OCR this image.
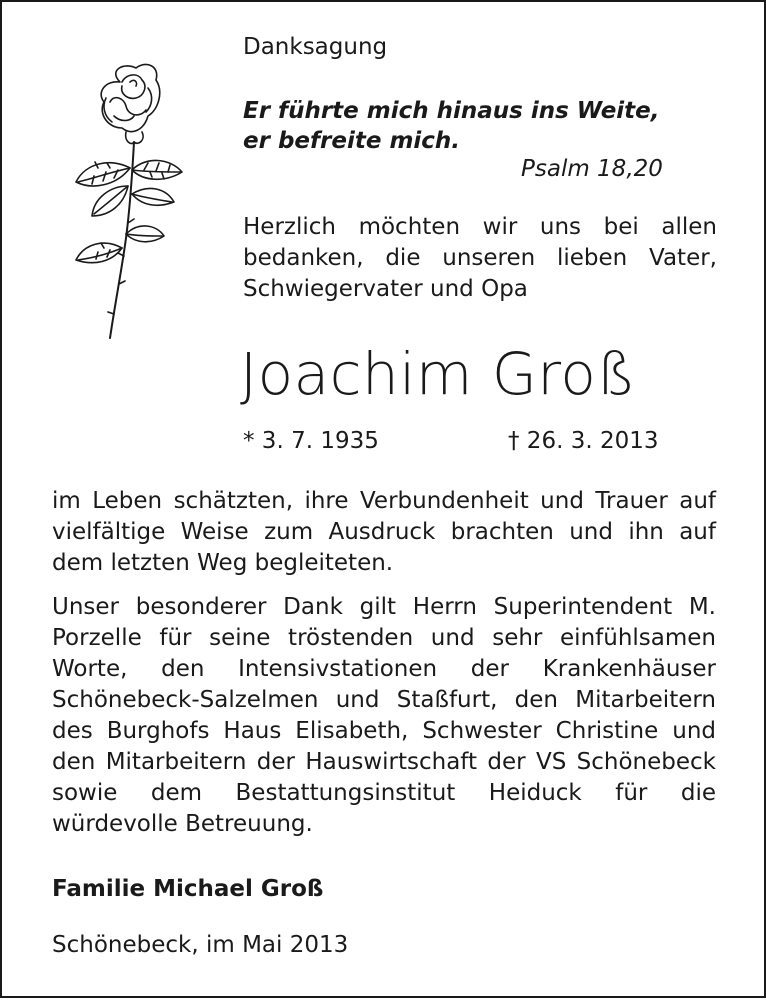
Danksagung

Er führte mich hinaus ins Weite,
er befreite mich.

Psalm 18,20

Herzlich möchten wir uns bei allen bedanken, die unseren lieben Vater, Schwiegervater und Opa

Joachim Groß

* 3. 7. 1935	† 26. 3. 2013

im Leben schätzten, ihre Verbundenheit und Trauer auf vielfältige Weise zum Ausdruck brachten und ihn auf dem letzten Weg begleiteten.

Unser besonderer Dank gilt Herrn Superintendent M. Porzelle für seine tröstenden und sehr einfühlsamen Worte, den Intensivstationen der Krankenhäuser Schönebeck-Salzelmen und Staßfurt, den Mitarbeitern des Burghofs Haus Elisabeth, Schwester Christine und den Mitarbeitern der Hauswirtschaft der VS Schönebeck sowie dem Bestattungsinstitut Heiduck für die würdevolle Betreuung.

Familie Michael Groß

Schönebeck, im Mai 2013
